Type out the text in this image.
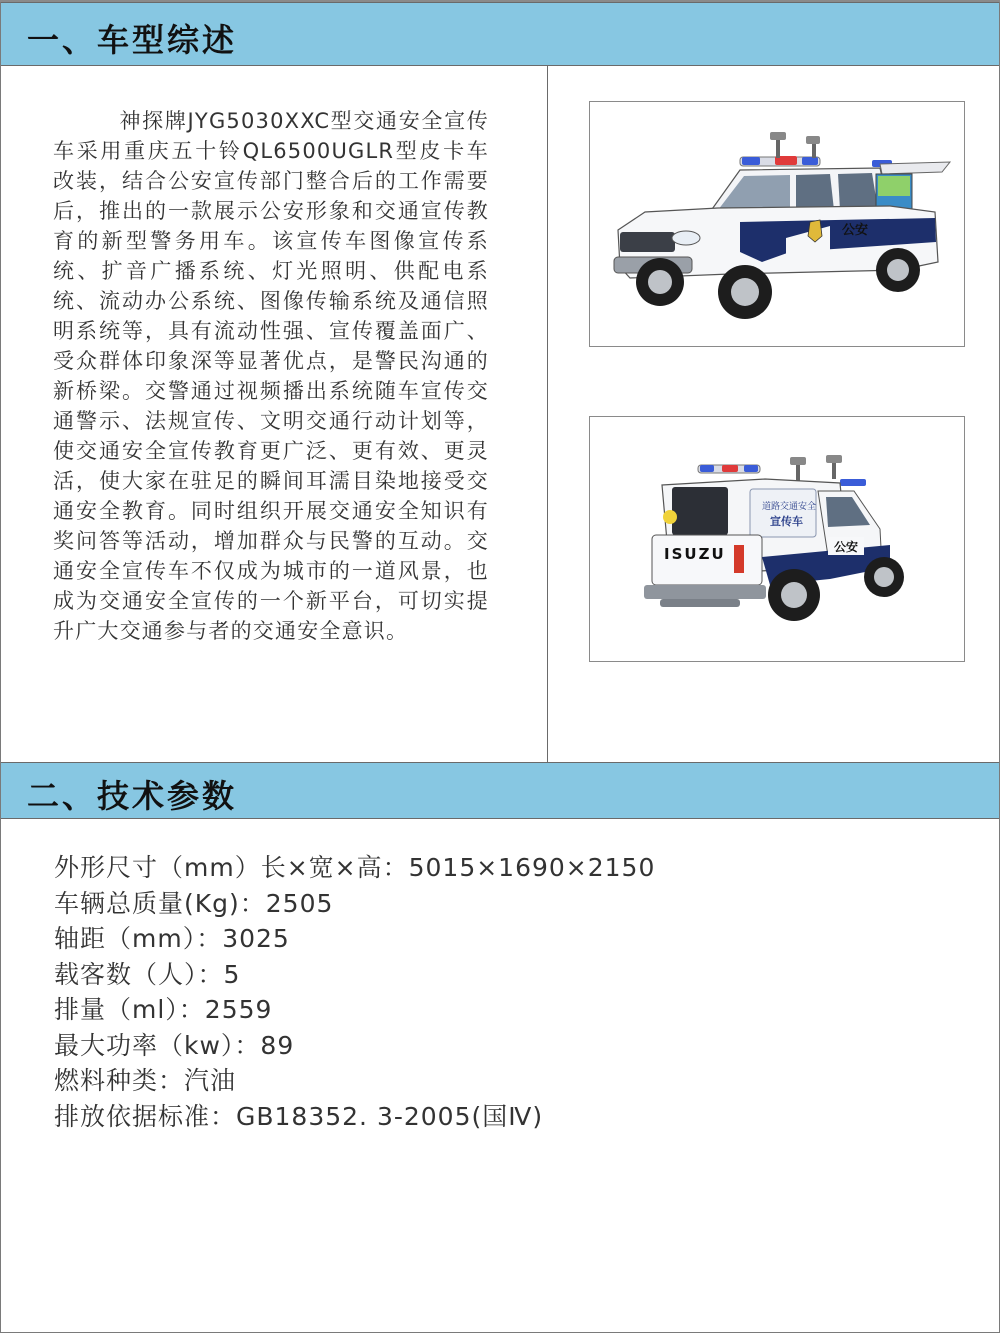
一、车型综述
神探牌JYG5030XXC型交通安全宣传车采用重庆五十铃QL6500UGLR型皮卡车改装，结合公安宣传部门整合后的工作需要后，推出的一款展示公安形象和交通宣传教育的新型警务用车。该宣传车图像宣传系统、扩音广播系统、灯光照明、供配电系统、流动办公系统、图像传输系统及通信照明系统等，具有流动性强、宣传覆盖面广、受众群体印象深等显著优点，是警民沟通的新桥梁。交警通过视频播出系统随车宣传交通警示、法规宣传、文明交通行动计划等，使交通安全宣传教育更广泛、更有效、更灵活，使大家在驻足的瞬间耳濡目染地接受交通安全教育。同时组织开展交通安全知识有奖问答等活动，增加群众与民警的互动。交通安全宣传车不仅成为城市的一道风景，也成为交通安全宣传的一个新平台，可切实提升广大交通参与者的交通安全意识。
公安
道路交通安全
宣传车
ISUZU	公安
二、技术参数
外形尺寸（mm）长×宽×高：5015×1690×2150
车辆总质量(Kg)：2505
轴距（mm）：3025
载客数（人）：5
排量（ml）：2559
最大功率（kw）：89
燃料种类：汽油
排放依据标准：GB18352. 3-2005(国Ⅳ)
